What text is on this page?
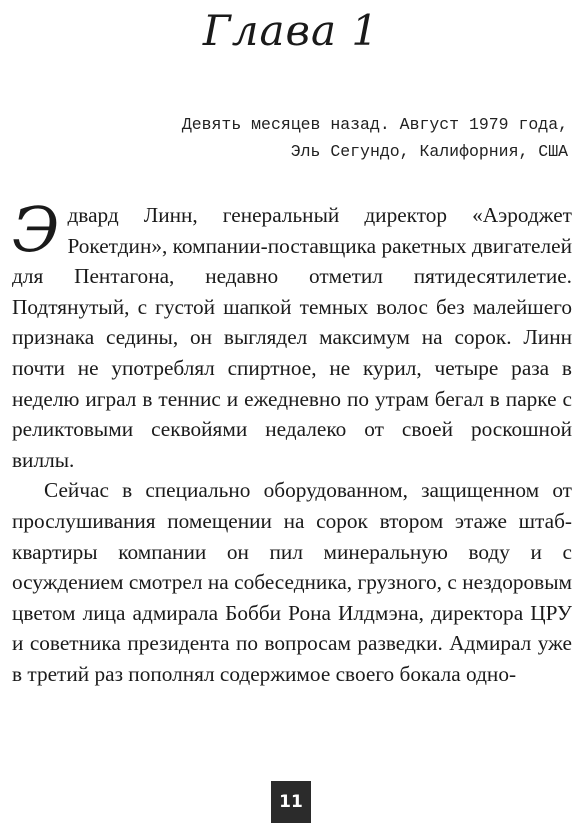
Глава 1
Девять месяцев назад. Август 1979 года,
Эль Сегундо, Калифорния, США

Эдвард Линн, генеральный директор «Аэроджет Рокетдин», компании-поставщика ракетных двигателей для Пентагона, недавно отметил пятидесятилетие. Подтянутый, с густой шапкой темных волос без малейшего признака седины, он выглядел максимум на сорок. Линн почти не употреблял спиртное, не курил, четыре раза в неделю играл в теннис и ежедневно по утрам бегал в парке с реликтовыми секвойями недалеко от своей роскошной виллы.

Сейчас в специально оборудованном, защищенном от прослушивания помещении на сорок втором этаже штаб-квартиры компании он пил минеральную воду и с осуждением смотрел на собеседника, грузного, с нездоровым цветом лица адмирала Бобби Рона Илдмэна, директора ЦРУ и советника президента по вопросам разведки. Адмирал уже в третий раз пополнял содержимое своего бокала одно-

11
